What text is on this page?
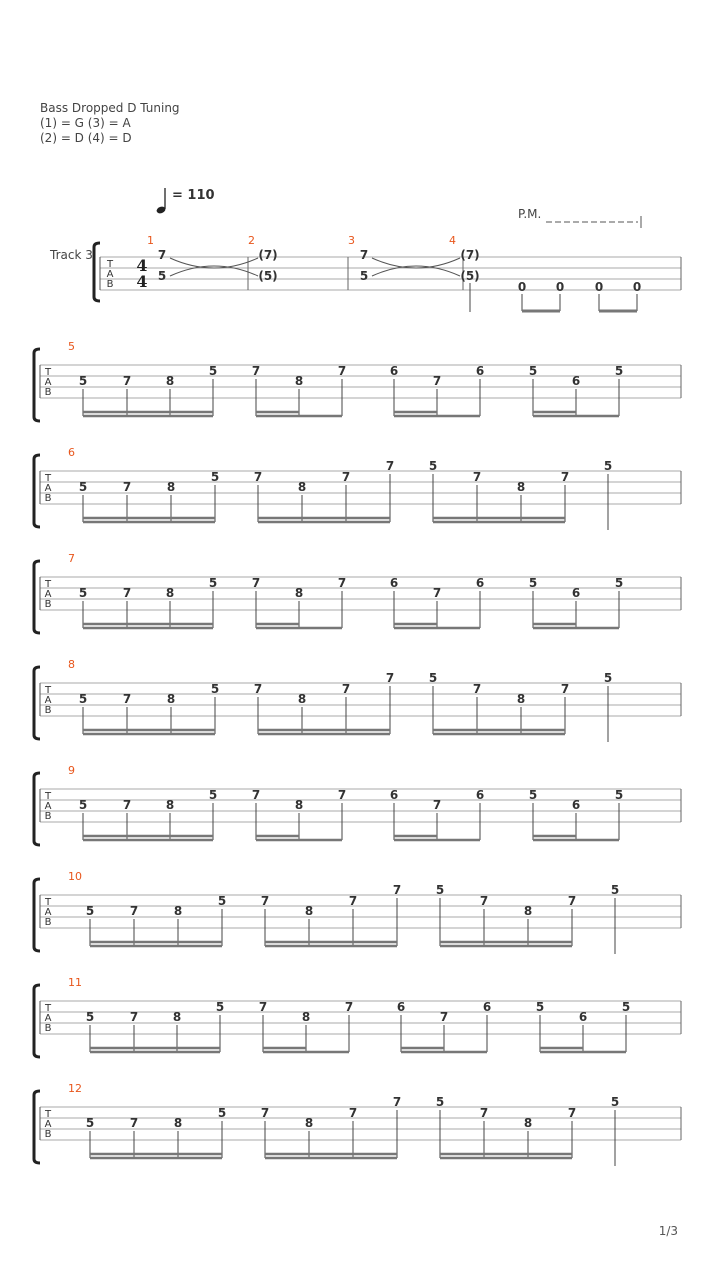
Bass Dropped D Tuning
(1) = G (3) = A
(2) = D (4) = D
1/3
Track 3
T
A
B
4
4
= 110
P.M.
1	2	3	4
7
5
(7)
(5)
7
5
(7)
(5)
0 0	0 0
T
A
B
5
5	7	8
5	7
8
7	6
7
6	5
6
5
T
A
B
6
5	7	8
5	7
8
7
7	5
7
8
7
5
T
A
B
7
5	7	8
5	7
8
7	6
7
6	5
6
5
T
A
B
8
5	7	8
5	7
8
7
7	5
7
8
7
5
T
A
B
9
5	7	8
5	7
8
7	6
7
6	5
6
5
T
A
B
10
5	7	8
5	7
8
7
7	5
7
8
7
5
T
A
B
11
5	7	8
5	7
8
7	6
7
6	5
6
5
T
A
B
12
5	7	8
5	7
8
7
7	5
7
8
7
5
